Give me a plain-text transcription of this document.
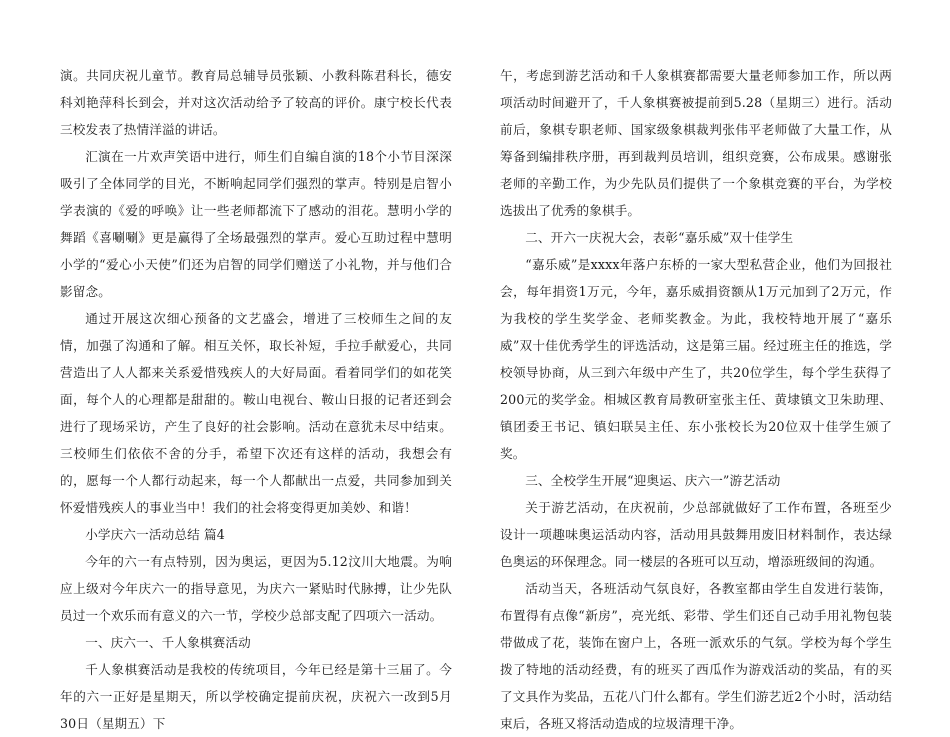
演。共同庆祝儿童节。教育局总辅导员张颖、小教科陈君科长，德安科刘艳萍科长到会，并对这次活动给予了较高的评价。康宁校长代表三校发表了热情洋溢的讲话。

汇演在一片欢声笑语中进行，师生们自编自演的18个小节目深深吸引了全体同学的目光，不断响起同学们强烈的掌声。特别是启智小学表演的《爱的呼唤》让一些老师都流下了感动的泪花。慧明小学的舞蹈《喜唰唰》更是赢得了全场最强烈的掌声。爱心互助过程中慧明小学的“爱心小天使”们还为启智的同学们赠送了小礼物，并与他们合影留念。

通过开展这次细心预备的文艺盛会，增进了三校师生之间的友情，加强了沟通和了解。相互关怀，取长补短，手拉手献爱心，共同营造出了人人都来关系爱惜残疾人的大好局面。看着同学们的如花笑面，每个人的心理都是甜甜的。鞍山电视台、鞍山日报的记者还到会进行了现场采访，产生了良好的社会影响。活动在意犹未尽中结束。三校师生们依依不舍的分手，希望下次还有这样的活动，我想会有的，愿每一个人都行动起来，每一个人都献出一点爱，共同参加到关怀爱惜残疾人的事业当中！我们的社会将变得更加美妙、和谐！

小学庆六一活动总结 篇4

今年的六一有点特别，因为奥运，更因为5.12汶川大地震。为响应上级对今年庆六一的指导意见，为庆六一紧贴时代脉搏，让少先队员过一个欢乐而有意义的六一节，学校少总部支配了四项六一活动。

一、庆六一、千人象棋赛活动

千人象棋赛活动是我校的传统项目，今年已经是第十三届了。今年的六一正好是星期天，所以学校确定提前庆祝，庆祝六一改到5月30日（星期五）下

午，考虑到游艺活动和千人象棋赛都需要大量老师参加工作，所以两项活动时间避开了，千人象棋赛被提前到5.28（星期三）进行。活动前后，象棋专职老师、国家级象棋裁判张伟平老师做了大量工作，从筹备到编排秩序册，再到裁判员培训，组织竞赛，公布成果。感谢张老师的辛勤工作，为少先队员们提供了一个象棋竞赛的平台，为学校选拔出了优秀的象棋手。

二、开六一庆祝大会，表彰“嘉乐威”双十佳学生

“嘉乐威”是xxxx年落户东桥的一家大型私营企业，他们为回报社会，每年捐资1万元，今年，嘉乐威捐资额从1万元加到了2万元，作为我校的学生奖学金、老师奖教金。为此，我校特地开展了“嘉乐威”双十佳优秀学生的评选活动，这是第三届。经过班主任的推选，学校领导协商，从三到六年级中产生了，共20位学生，每个学生获得了200元的奖学金。相城区教育局教研室张主任、黄埭镇文卫朱助理、镇团委王书记、镇妇联吴主任、东小张校长为20位双十佳学生颁了奖。

三、全校学生开展“迎奥运、庆六一”游艺活动

关于游艺活动，在庆祝前，少总部就做好了工作布置，各班至少设计一项趣味奥运活动内容，活动用具鼓舞用废旧材料制作，表达绿色奥运的环保理念。同一楼层的各班可以互动，增添班级间的沟通。

活动当天，各班活动气氛良好，各教室都由学生自发进行装饰，布置得有点像“新房”，亮光纸、彩带、学生们还自己动手用礼物包装带做成了花，装饰在窗户上，各班一派欢乐的气氛。学校为每个学生拨了特地的活动经费，有的班买了西瓜作为游戏活动的奖品，有的买了文具作为奖品，五花八门什么都有。学生们游艺近2个小时，活动结束后，各班又将活动造成的垃圾清理干净。
